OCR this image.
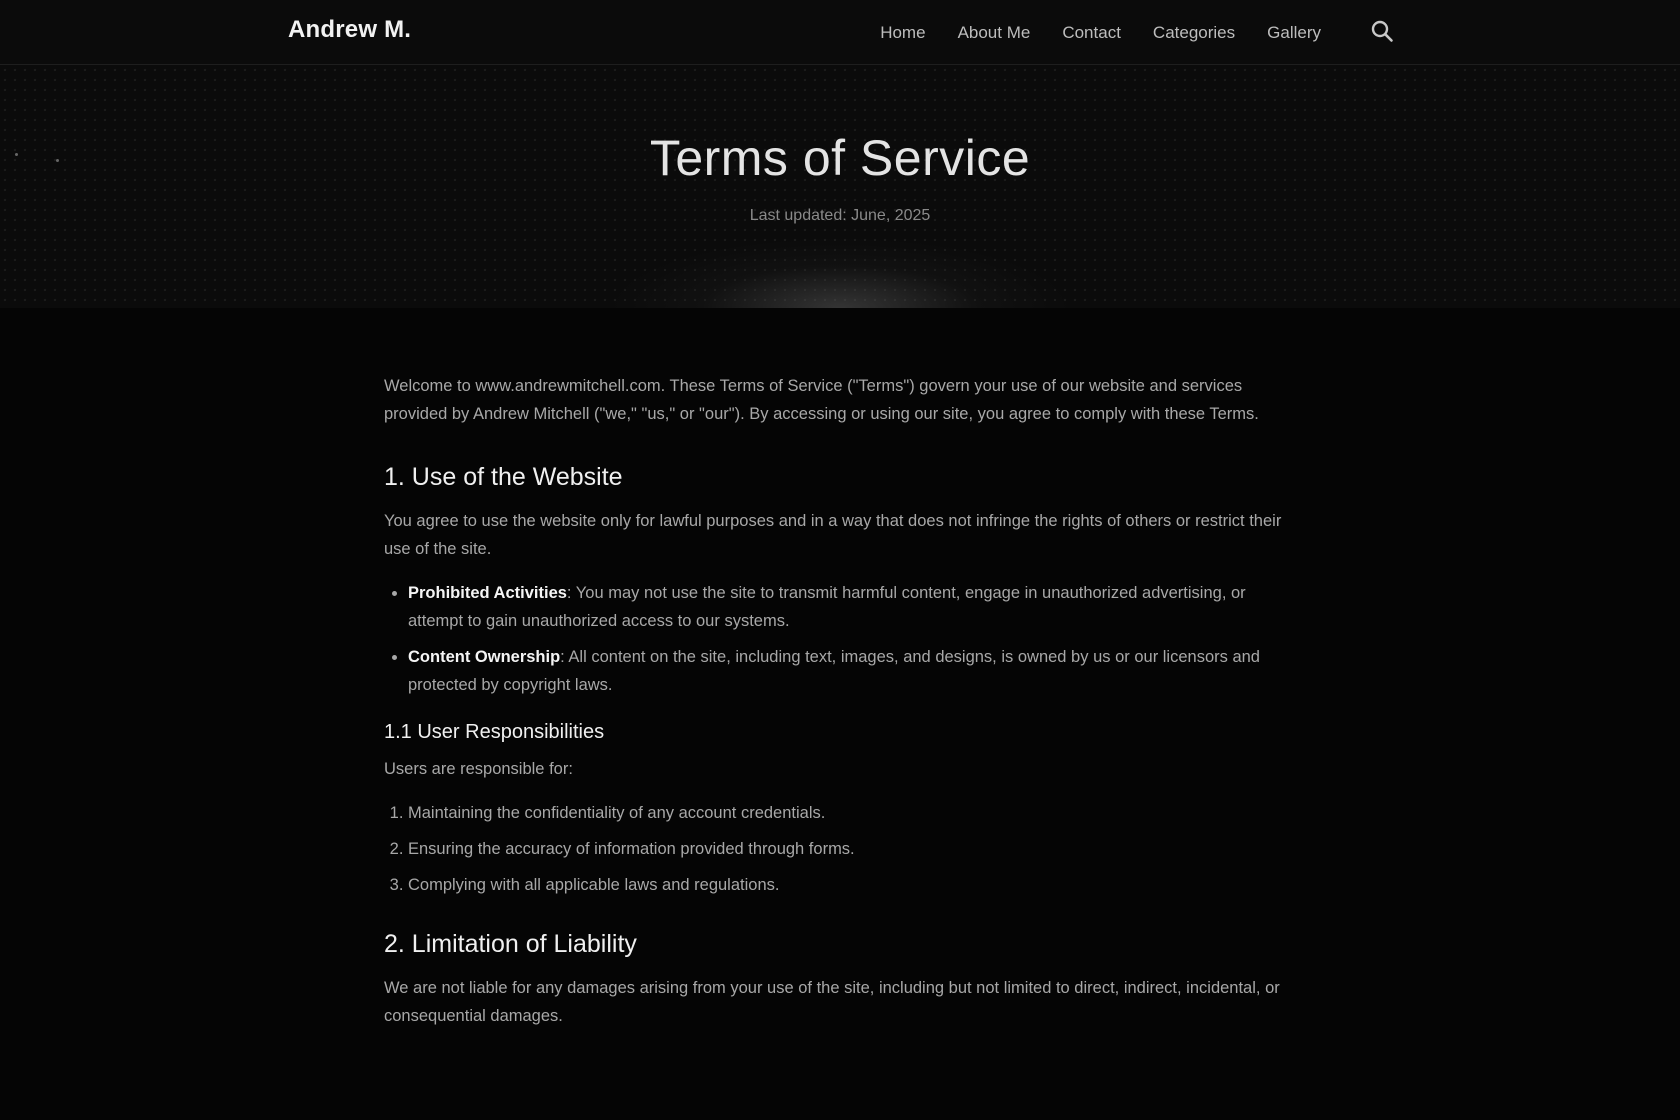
Andrew M.	Home About Me Contact Categories Gallery
Terms of Service
Last updated: June, 2025

Welcome to www.andrewmitchell.com. These Terms of Service ("Terms") govern your use of our website and services provided by Andrew Mitchell ("we," "us," or "our"). By accessing or using our site, you agree to comply with these Terms.

1. Use of the Website

You agree to use the website only for lawful purposes and in a way that does not infringe the rights of others or restrict their use of the site.

• Prohibited Activities: You may not use the site to transmit harmful content, engage in unauthorized advertising, or attempt to gain unauthorized access to our systems.
• Content Ownership: All content on the site, including text, images, and designs, is owned by us or our licensors and protected by copyright laws.
1.1 User Responsibilities

Users are responsible for:

1. Maintaining the confidentiality of any account credentials.
2. Ensuring the accuracy of information provided through forms.
3. Complying with all applicable laws and regulations.
2. Limitation of Liability

We are not liable for any damages arising from your use of the site, including but not limited to direct, indirect, incidental, or consequential damages.
